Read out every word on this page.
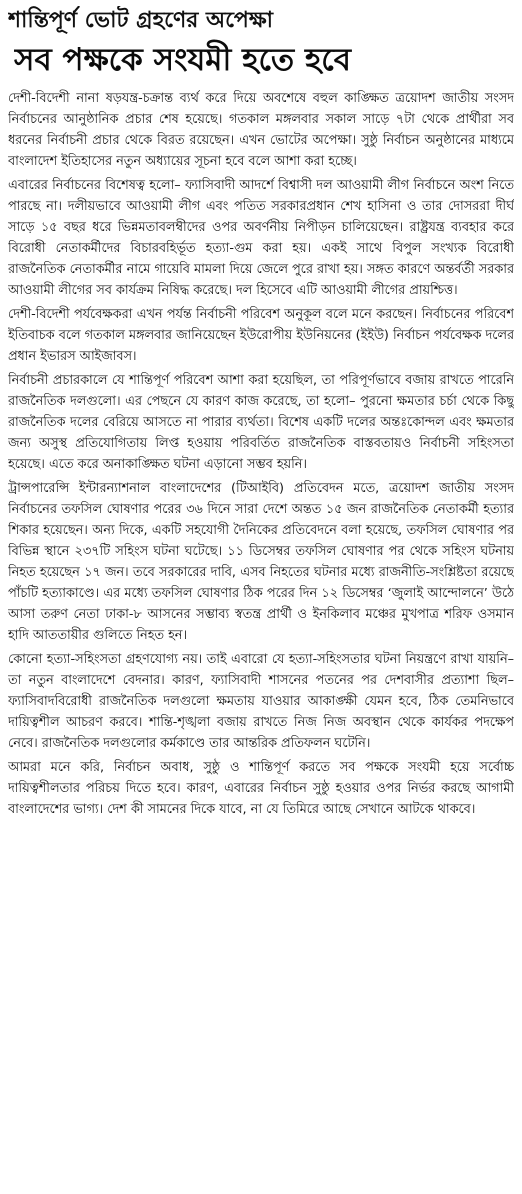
শান্তিপূর্ণ ভোট গ্রহণের অপেক্ষা
সব পক্ষকে সংযমী হতে হবে

দেশী-বিদেশী নানা ষড়যন্ত্র-চক্রান্ত ব্যর্থ করে দিয়ে অবশেষে বহুল কাঙ্ক্ষিত ত্রয়োদশ জাতীয় সংসদ নির্বাচনের আনুষ্ঠানিক প্রচার শেষ হয়েছে। গতকাল মঙ্গলবার সকাল সাড়ে ৭টা থেকে প্রার্থীরা সব ধরনের নির্বাচনী প্রচার থেকে বিরত রয়েছেন। এখন ভোটের অপেক্ষা। সুষ্ঠু নির্বাচন অনুষ্ঠানের মাধ্যমে বাংলাদেশ ইতিহাসের নতুন অধ্যায়ের সূচনা হবে বলে আশা করা হচ্ছে।

এবারের নির্বাচনের বিশেষত্ব হলো– ফ্যাসিবাদী আদর্শে বিশ্বাসী দল আওয়ামী লীগ নির্বাচনে অংশ নিতে পারছে না। দলীয়ভাবে আওয়ামী লীগ এবং পতিত সরকারপ্রধান শেখ হাসিনা ও তার দোসররা দীর্ঘ সাড়ে ১৫ বছর ধরে ভিন্নমতাবলম্বীদের ওপর অবর্ণনীয় নিপীড়ন চালিয়েছেন। রাষ্ট্রযন্ত্র ব্যবহার করে বিরোধী নেতাকর্মীদের বিচারবহির্ভূত হত্যা-গুম করা হয়। একই সাথে বিপুল সংখ্যক বিরোধী রাজনৈতিক নেতাকর্মীর নামে গায়েবি মামলা দিয়ে জেলে পুরে রাখা হয়। সঙ্গত কারণে অন্তর্বর্তী সরকার আওয়ামী লীগের সব কার্যক্রম নিষিদ্ধ করেছে। দল হিসেবে এটি আওয়ামী লীগের প্রায়শ্চিত্ত।

দেশী-বিদেশী পর্যবেক্ষকরা এখন পর্যন্ত নির্বাচনী পরিবেশ অনুকূল বলে মনে করছেন। নির্বাচনের পরিবেশ ইতিবাচক বলে গতকাল মঙ্গলবার জানিয়েছেন ইউরোপীয় ইউনিয়নের (ইইউ) নির্বাচন পর্যবেক্ষক দলের প্রধান ইভারস আইজাবস।

নির্বাচনী প্রচারকালে যে শান্তিপূর্ণ পরিবেশ আশা করা হয়েছিল, তা পরিপূর্ণভাবে বজায় রাখতে পারেনি রাজনৈতিক দলগুলো। এর পেছনে যে কারণ কাজ করেছে, তা হলো– পুরনো ক্ষমতার চর্চা থেকে কিছু রাজনৈতিক দলের বেরিয়ে আসতে না পারার ব্যর্থতা। বিশেষ একটি দলের অন্তঃকোন্দল এবং ক্ষমতার জন্য অসুস্থ প্রতিযোগিতায় লিপ্ত হওয়ায় পরিবর্তিত রাজনৈতিক বাস্তবতায়ও নির্বাচনী সহিংসতা হয়েছে। এতে করে অনাকাঙ্ক্ষিত ঘটনা এড়ানো সম্ভব হয়নি।

ট্রান্সপারেন্সি ইন্টারন্যাশনাল বাংলাদেশের (টিআইবি) প্রতিবেদন মতে, ত্রয়োদশ জাতীয় সংসদ নির্বাচনের তফসিল ঘোষণার পরের ৩৬ দিনে সারা দেশে অন্তত ১৫ জন রাজনৈতিক নেতাকর্মী হত্যার শিকার হয়েছেন। অন্য দিকে, একটি সহযোগী দৈনিকের প্রতিবেদনে বলা হয়েছে, তফসিল ঘোষণার পর বিভিন্ন স্থানে ২৩৭টি সহিংস ঘটনা ঘটেছে। ১১ ডিসেম্বর তফসিল ঘোষণার পর থেকে সহিংস ঘটনায় নিহত হয়েছেন ১৭ জন। তবে সরকারের দাবি, এসব নিহতের ঘটনার মধ্যে রাজনীতি-সংশ্লিষ্টতা রয়েছে পাঁচটি হত্যাকাণ্ডে। এর মধ্যে তফসিল ঘোষণার ঠিক পরের দিন ১২ ডিসেম্বর ‘জুলাই আন্দোলনে’ উঠে আসা তরুণ নেতা ঢাকা-৮ আসনের সম্ভাব্য স্বতন্ত্র প্রার্থী ও ইনকিলাব মঞ্চের মুখপাত্র শরিফ ওসমান হাদি আততায়ীর গুলিতে নিহত হন।

কোনো হত্যা-সহিংসতা গ্রহণযোগ্য নয়। তাই এবারো যে হত্যা-সহিংসতার ঘটনা নিয়ন্ত্রণে রাখা যায়নি– তা নতুন বাংলাদেশে বেদনার। কারণ, ফ্যাসিবাদী শাসনের পতনের পর দেশবাসীর প্রত্যাশা ছিল– ফ্যাসিবাদবিরোধী রাজনৈতিক দলগুলো ক্ষমতায় যাওয়ার আকাঙ্ক্ষী যেমন হবে, ঠিক তেমনিভাবে দায়িত্বশীল আচরণ করবে। শান্তি-শৃঙ্খলা বজায় রাখতে নিজ নিজ অবস্থান থেকে কার্যকর পদক্ষেপ নেবে। রাজনৈতিক দলগুলোর কর্মকাণ্ডে তার আন্তরিক প্রতিফলন ঘটেনি।

আমরা মনে করি, নির্বাচন অবাধ, সুষ্ঠু ও শান্তিপূর্ণ করতে সব পক্ষকে সংযমী হয়ে সর্বোচ্চ দায়িত্বশীলতার পরিচয় দিতে হবে। কারণ, এবারের নির্বাচন সুষ্ঠু হওয়ার ওপর নির্ভর করছে আগামী বাংলাদেশের ভাগ্য। দেশ কী সামনের দিকে যাবে, না যে তিমিরে আছে সেখানে আটকে থাকবে।
